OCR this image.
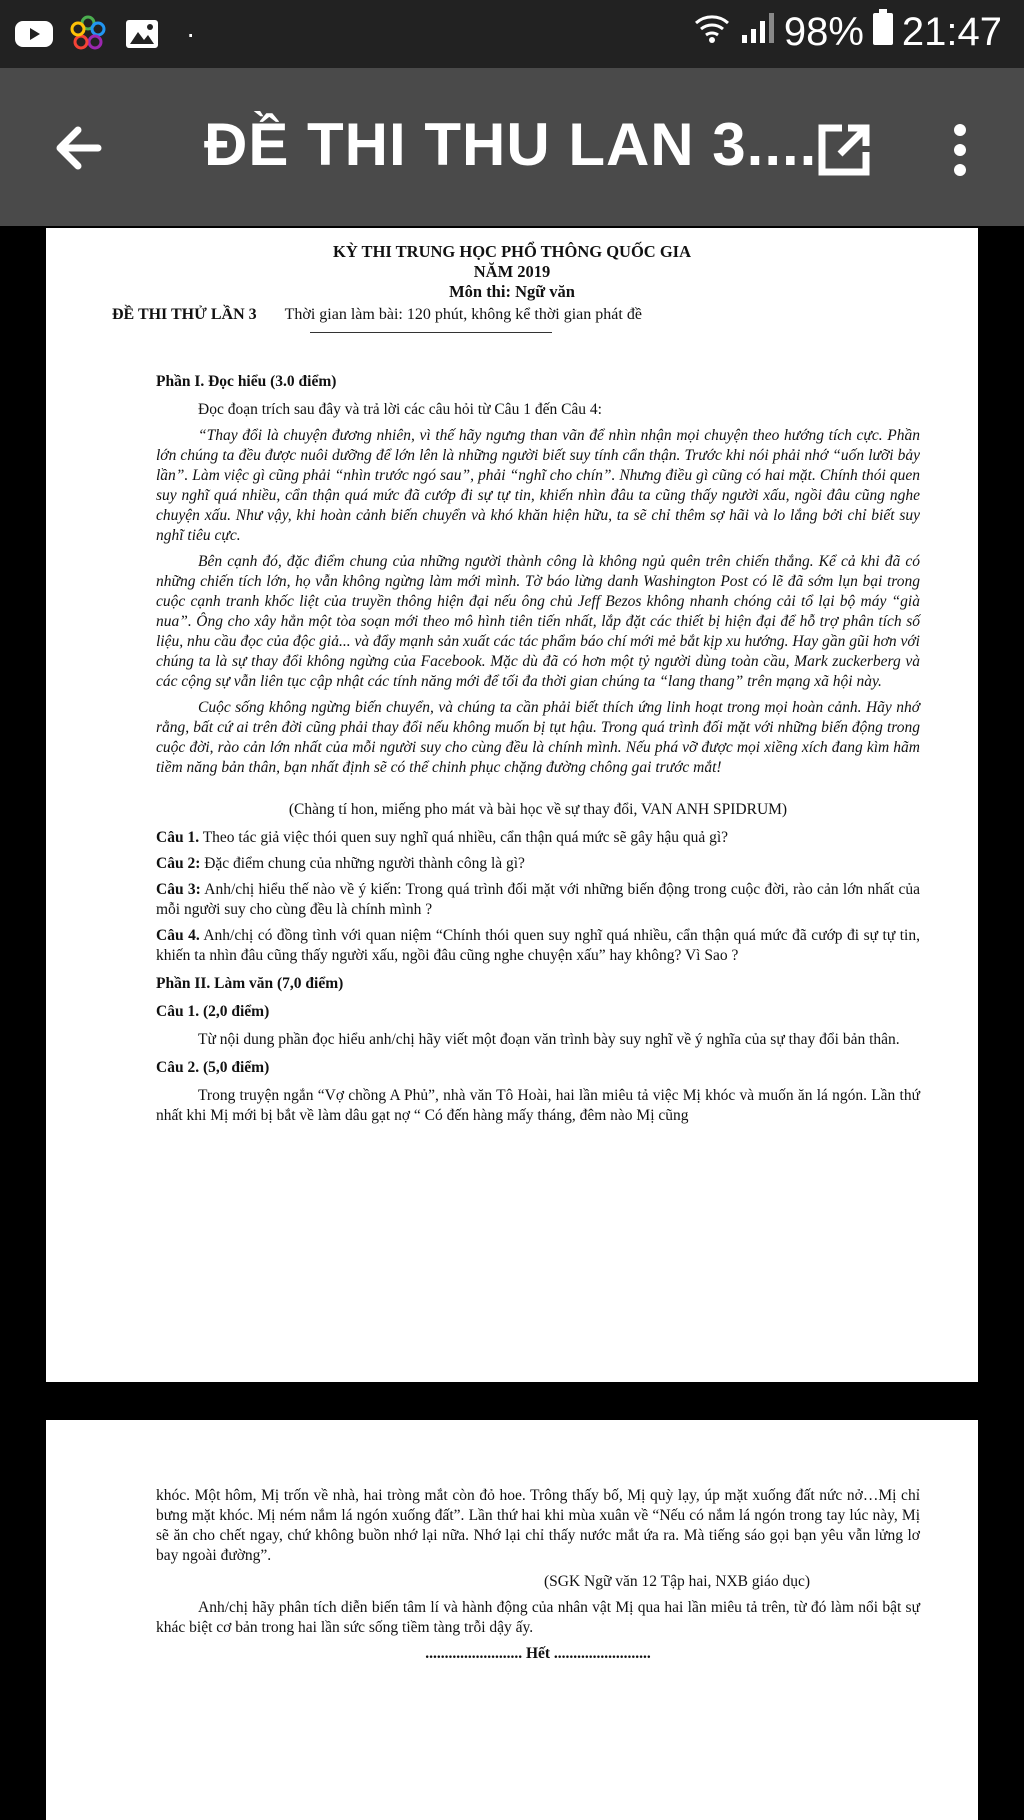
·	98% 21:47
ĐỀ THI THU LAN 3....
KỲ THI TRUNG HỌC PHỔ THÔNG QUỐC GIA
NĂM 2019
Môn thi: Ngữ văn
ĐỀ THI THỬ LẦN 3 Thời gian làm bài: 120 phút, không kể thời gian phát đề

Phần I. Đọc hiểu (3.0 điểm)

Đọc đoạn trích sau đây và trả lời các câu hỏi từ Câu 1 đến Câu 4:

“Thay đổi là chuyện đương nhiên, vì thế hãy ngưng than vãn để nhìn nhận mọi chuyện theo hướng tích cực. Phần lớn chúng ta đều được nuôi dưỡng để lớn lên là những người biết suy tính cẩn thận. Trước khi nói phải nhớ “uốn lưỡi bảy lần”. Làm việc gì cũng phải “nhìn trước ngó sau”, phải “nghĩ cho chín”. Nhưng điều gì cũng có hai mặt. Chính thói quen suy nghĩ quá nhiều, cẩn thận quá mức đã cướp đi sự tự tin, khiến nhìn đâu ta cũng thấy người xấu, ngồi đâu cũng nghe chuyện xấu. Như vậy, khi hoàn cảnh biến chuyển và khó khăn hiện hữu, ta sẽ chỉ thêm sợ hãi và lo lắng bởi chỉ biết suy nghĩ tiêu cực.

Bên cạnh đó, đặc điểm chung của những người thành công là không ngủ quên trên chiến thắng. Kể cả khi đã có những chiến tích lớn, họ vẫn không ngừng làm mới mình. Tờ báo lừng danh Washington Post có lẽ đã sớm lụn bại trong cuộc cạnh tranh khốc liệt của truyền thông hiện đại nếu ông chủ Jeff Bezos không nhanh chóng cải tổ lại bộ máy “già nua”. Ông cho xây hẳn một tòa soạn mới theo mô hình tiên tiến nhất, lắp đặt các thiết bị hiện đại để hỗ trợ phân tích số liệu, nhu cầu đọc của độc giả... và đẩy mạnh sản xuất các tác phẩm báo chí mới mẻ bắt kịp xu hướng. Hay gần gũi hơn với chúng ta là sự thay đổi không ngừng của Facebook. Mặc dù đã có hơn một tỷ người dùng toàn cầu, Mark zuckerberg và các cộng sự vẫn liên tục cập nhật các tính năng mới để tối đa thời gian chúng ta “lang thang” trên mạng xã hội này.

Cuộc sống không ngừng biến chuyển, và chúng ta cần phải biết thích ứng linh hoạt trong mọi hoàn cảnh. Hãy nhớ rằng, bất cứ ai trên đời cũng phải thay đổi nếu không muốn bị tụt hậu. Trong quá trình đối mặt với những biến động trong cuộc đời, rào cản lớn nhất của mỗi người suy cho cùng đều là chính mình. Nếu phá vỡ được mọi xiềng xích đang kìm hãm tiềm năng bản thân, bạn nhất định sẽ có thể chinh phục chặng đường chông gai trước mắt!

(Chàng tí hon, miếng pho mát và bài học về sự thay đổi, VAN ANH SPIDRUM)

Câu 1. Theo tác giả việc thói quen suy nghĩ quá nhiều, cẩn thận quá mức sẽ gây hậu quả gì?

Câu 2: Đặc điểm chung của những người thành công là gì?

Câu 3: Anh/chị hiểu thế nào về ý kiến: Trong quá trình đối mặt với những biến động trong cuộc đời, rào cản lớn nhất của mỗi người suy cho cùng đều là chính mình ?

Câu 4. Anh/chị có đồng tình với quan niệm “Chính thói quen suy nghĩ quá nhiều, cẩn thận quá mức đã cướp đi sự tự tin, khiến ta nhìn đâu cũng thấy người xấu, ngồi đâu cũng nghe chuyện xấu” hay không? Vì Sao ?

Phần II. Làm văn (7,0 điểm)

Câu 1. (2,0 điểm)

Từ nội dung phần đọc hiểu anh/chị hãy viết một đoạn văn trình bày suy nghĩ về ý nghĩa của sự thay đổi bản thân.

Câu 2. (5,0 điểm)

Trong truyện ngắn “Vợ chồng A Phủ”, nhà văn Tô Hoài, hai lần miêu tả việc Mị khóc và muốn ăn lá ngón. Lần thứ nhất khi Mị mới bị bắt về làm dâu gạt nợ “ Có đến hàng mấy tháng, đêm nào Mị cũng

khóc. Một hôm, Mị trốn về nhà, hai tròng mắt còn đỏ hoe. Trông thấy bố, Mị quỳ lạy, úp mặt xuống đất nức nở…Mị chỉ bưng mặt khóc. Mị ném nắm lá ngón xuống đất”. Lần thứ hai khi mùa xuân về “Nếu có nắm lá ngón trong tay lúc này, Mị sẽ ăn cho chết ngay, chứ không buồn nhớ lại nữa. Nhớ lại chỉ thấy nước mắt ứa ra. Mà tiếng sáo gọi bạn yêu vẫn lửng lơ bay ngoài đường”.

(SGK Ngữ văn 12 Tập hai, NXB giáo dục)

Anh/chị hãy phân tích diễn biến tâm lí và hành động của nhân vật Mị qua hai lần miêu tả trên, từ đó làm nổi bật sự khác biệt cơ bản trong hai lần sức sống tiềm tàng trỗi dậy ấy.

......................... Hết .........................
